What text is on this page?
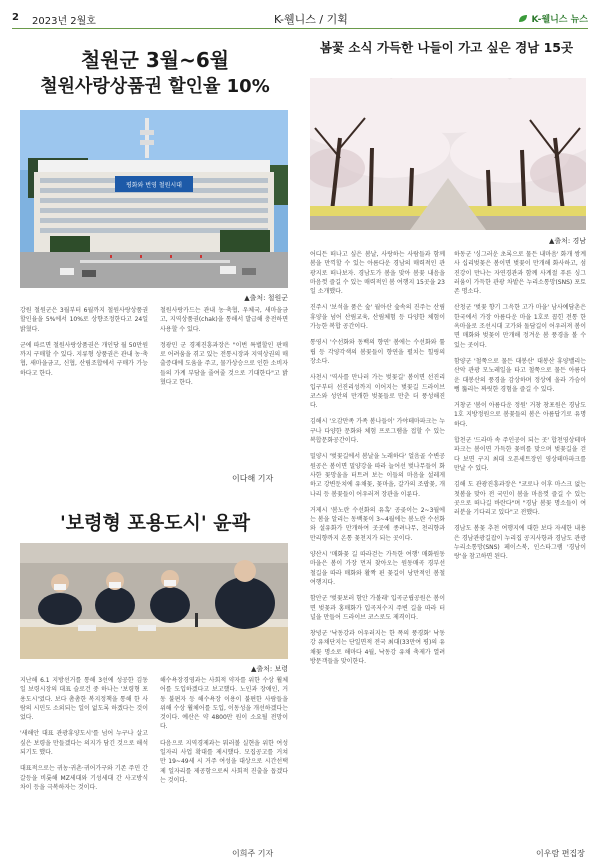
2 2023년 2월호	K-웰니스 / 기획	K-웰니스 뉴스
철원군 3월~6월
철원사랑상품권 할인율 10%
평화와 번영 철원시대
▲출처: 철원군

강원 철원군은 3월부터 6월까지 철원사랑상품권 할인율을 5%에서 10%로 상향조정한다고 24일 밝혔다.

군에 따르면 철원사랑상품권은 개인당 월 50만원까지 구매할 수 있다. 지류형 상품권은 관내 농·축협, 새마을금고, 신협, 산림조합에서 구매가 가능하다고 한다.

철원사랑카드는 관내 농·축협, 우체국, 새마을금고, 지역상품권(chak)을 통해서 발급해 충전하면 사용할 수 있다.

정광민 군 경제진흥과장은 "이번 특별할인 판매로 어려움을 겪고 있는 전통시장과 지역상권의 매출증대에 도움을 주고, 물가상승으로 인한 소비자들의 가계 부담을 줄여줄 것으로 기대한다"고 밝혔다고 한다.

이다해 기자
'보령형 포용도시' 윤곽
▲출처: 보령

지난해 6.1 지방선거를 통해 3선에 성공한 김동일 보령시장의 대표 슬로건 중 하나는 '보령형 포용도시'였다. 보다 촘촘한 복지정책을 통해 한 사람의 시민도 소외되는 일이 없도록 하겠다는 것이었다.

'새해안 대표 관광휴양도시'를 넘어 누구나 살고 싶은 보령을 만들겠다는 의지가 담긴 것으로 해석되기도 했다.

대표적으로는 귀농·귀촌·귀어가구와 기존 주민 간 갈등을 비롯해 MZ세대와 기성세대 간 사고방식 차이 등을 극복하자는 것이다.

해수욕장경영과는 사회적 약자를 위한 수상 휠체어를 도입하겠다고 보고했다. 노인과 장애인, 거동 불편자 등 해수욕장 이용이 불편한 사람들을 위해 수상 휠체어를 도입, 이동성을 개선하겠다는 것이다. 예산은 약 4800만 원이 소요될 전망이다.

다음으로 지역경제과는 뭐러볼 실현을 위한 여성일자리 사업 확대를 제시했다. 모집공고를 거쳐 만 19~49세 시 거주 여성을 대상으로 시간선택제 일자리를 제공함으로써 사회적 진출을 돕겠다는 것이다.

이희주 기자
봄꽃 소식 가득한 나들이 가고 싶은 경남 15곳
▲출처: 경남

어디든 떠나고 싶은 봄날, 사랑하는 사람들과 함께 봄을 만끽할 수 있는 아름다운 경남의 매력적인 관광지로 떠나보자. 경남도가 봄을 맞아 봄꽃 내음을 마음껏 즐길 수 있는 매력적인 봄 여행지 15곳을 23일 소개했다.

진주시 '보석을 품은 숲' 월아산 숲속의 진주는 산림휴양을 넘어 산림교육, 산림체험 등 다양한 체험이 가능한 복합 공간이다.

통영시 '수선화와 동백의 향연' 봄에는 수선화와 튤립 등 각양각색의 봄꽃들이 향연을 펼치는 힐링의 장소다.

사천시 '역사를 만나러 가는 벚꽃길' 봄이면 선진리 입구부터 선진리성까지 이어지는 벚꽃길 드라이브 코스와 성안의 만개한 벚꽃들로 만춘 더 풍성해진다.

김해시 '오감만족 가족 봄나들이' 가야테마파크는 누구나 다양한 문화와 체험 프로그램을 접할 수 있는 복합문화공간이다.

밀양시 '벚꽃길에서 봄날을 노래하다' 얼음골 수변공원공은 봄이면 밀양강을 따라 늘어선 벚나무들이 화사한 꽃망울을 터트려 보는 이들의 마음을 설레게 하고 강변둔치에 유채꽃, 꽃마을, 갈가의 조팝꽃, 개나리 등 봄꽃들이 어우러져 장관을 이룬다.

거제시 '봄노란 수선화의 유혹' 공곶이는 2~3월에는 봄을 알리는 동백꽃이 3~4월에는 봄노란 수선화와 설유화가 만개하여 곳곳에 종려나무, 천리향과 만리향까지 온통 꽃천지가 되는 곳이다.

양산시 '매화꽃 길 따라걷는 가득한 여행' 매화원동마을은 봄이 가장 먼저 찾아오는 원동매곡 경부선 철길을 따라 매화와 활짝 핀 꽃길이 낭만적인 봄철 여행지다.

함안군 '벚꽃보러 함안 가볼래' 입곡군립공원은 봄이면 벚꽃과 홍매화가 입곡저수지 주변 길을 따라 터널을 만들어 드라이브 코스로도 제격이다.

창녕군 '낙동강과 어우러지는 한 폭의 풍경화' 낙동강 유채단지는 단일면적 전국 최대(33만여 평)의 유채꽃 명소로 해마다 4월, 낙동강 유채 축제가 열려 방문객들을 맞이한다.

하동군 '싱그러운 초록으로 물든 내마음' 화개 쌍계사 십리벚꽃은 봄이면 벚꽃이 만개해 화사하고, 섬진강이 만나는 자연경관과 함께 사계절 푸른 싱그러움이 가득한 관광 차밭은 누리소통망(SNS) 포토존 명소다.

산청군 '벚꽃 향기 그윽한 고가 마을' 남사예담촌은 한국에서 가장 아름다운 마을 1호로 꼽힌 전통 한옥마을로 조선시대 고가와 돌담길이 어우러져 봄이면 매화와 벚꽃이 만개해 정겨운 봄 풍경을 볼 수 있는 곳이다.

함양군 '철쭉으로 물든 대봉산' 대봉산 휴양밸리는 산악 관광 모노레일을 타고 철쭉으로 물든 아름다운 대봉산의 풍경을 감상하며 정상에 올라 가슴이 뻥 뚫리는 짜릿한 경험을 즐길 수 있다.

거창군 '봄이 아름다운 정원' 거창 창포원은 경남도 1호 지방정원으로 봄꽃들의 봄은 아름답기로 유명하다.

합천군 '드라마 속 주인공이 되는 곳' 합천영상테마파크는 봄이면 가득한 꽃비를 맞으며 벚꽃길을 걷다 보면 구지 최대 오픈세트장인 영상테마파크를 만날 수 있다.

김해 도 관광진흥과장은 "코로나 이후 마스크 없는 첫봄을 맞아 전 국민이 봄을 마음껏 즐길 수 있는 곳으로 떠나길 바란다"며 "경남 봄꽃 명소들이 여러분을 기다리고 있다"고 전했다.

경남도 봄꽃 추천 여행지에 대한 보다 자세한 내용은 경남관광길잡이 누리집 공지사항과 경남도 관광 누리소통망(SNS) 페이스북, 인스타그램 '경남이랑'을 참고하면 된다.

이우람 편집장
